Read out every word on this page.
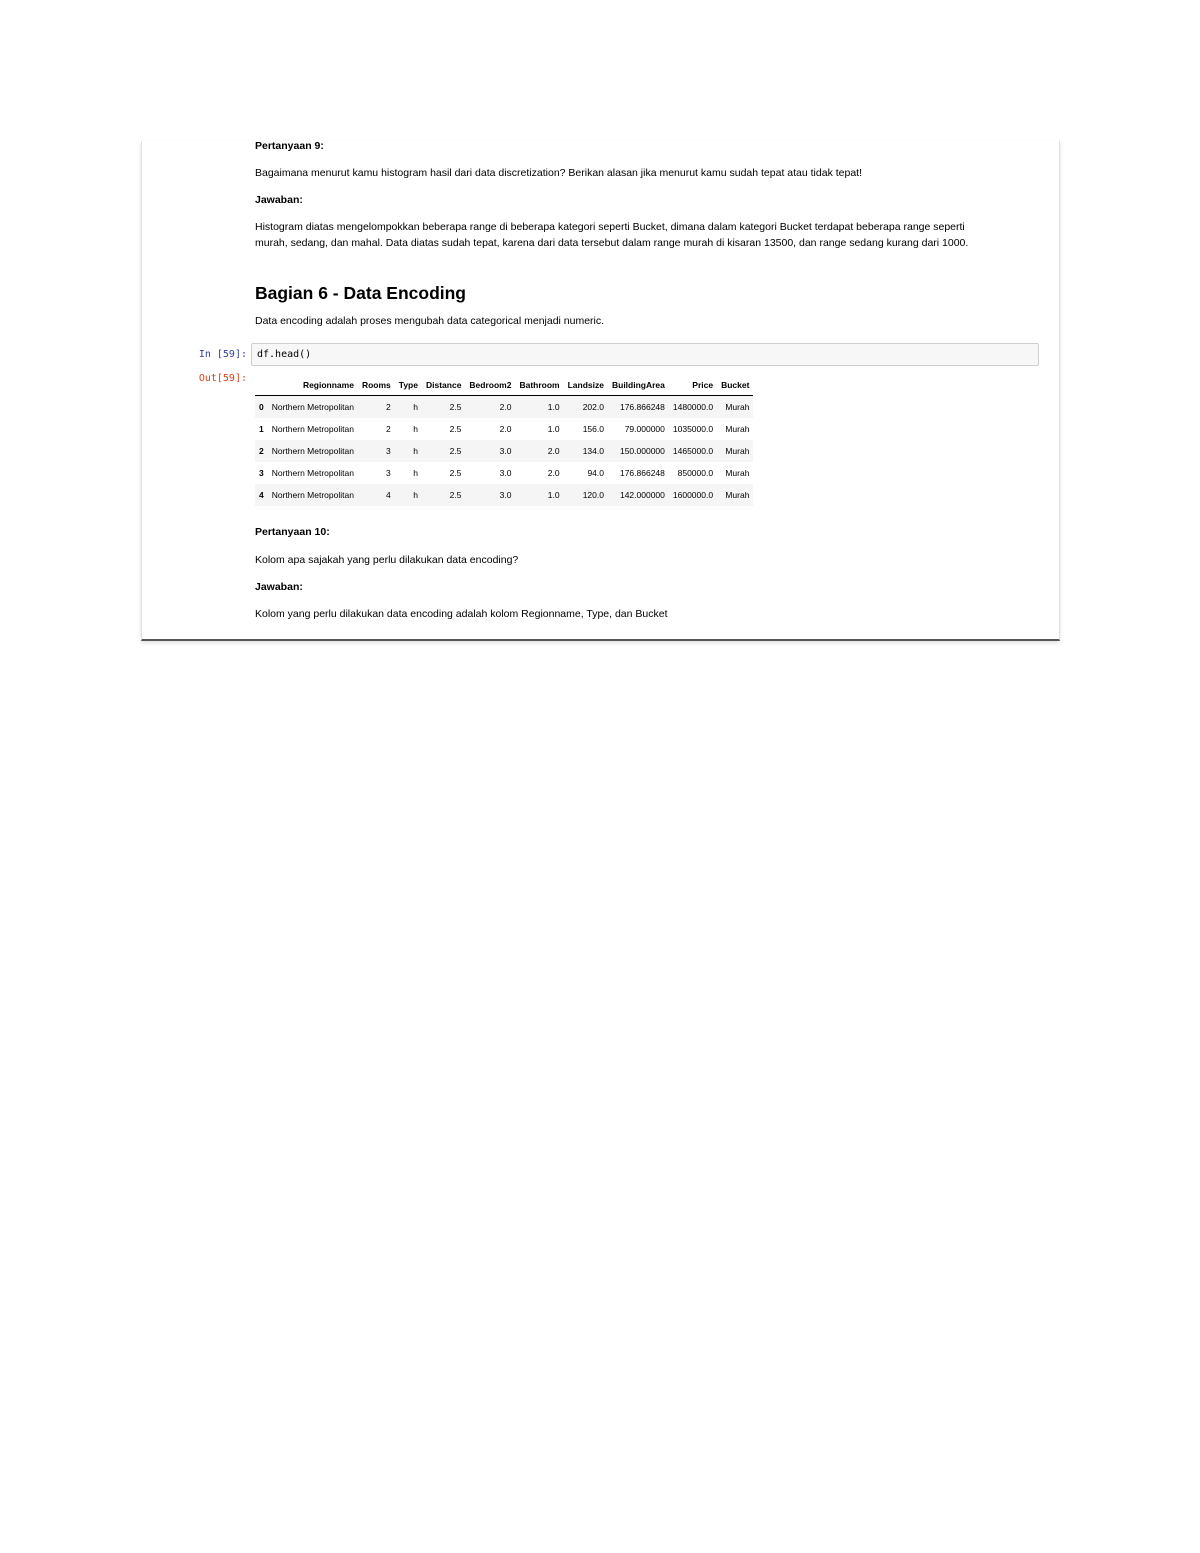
Pertanyaan 9:
Bagaimana menurut kamu histogram hasil dari data discretization? Berikan alasan jika menurut kamu sudah tepat atau tidak tepat!
Jawaban:
Histogram diatas mengelompokkan beberapa range di beberapa kategori seperti Bucket, dimana dalam kategori Bucket terdapat beberapa range seperti
murah, sedang, dan mahal. Data diatas sudah tepat, karena dari data tersebut dalam range murah di kisaran 13500, dan range sedang kurang dari 1000.
Bagian 6 - Data Encoding
Data encoding adalah proses mengubah data categorical menjadi numeric.
In [59]: df.head()
Out[59]:
	Regionname	Rooms	Type	Distance	Bedroom2	Bathroom	Landsize	BuildingArea	Price	Bucket
0	Northern Metropolitan	2	h	2.5	2.0	1.0	202.0	176.866248	1480000.0	Murah
1	Northern Metropolitan	2	h	2.5	2.0	1.0	156.0	79.000000	1035000.0	Murah
2	Northern Metropolitan	3	h	2.5	3.0	2.0	134.0	150.000000	1465000.0	Murah
3	Northern Metropolitan	3	h	2.5	3.0	2.0	94.0	176.866248	850000.0	Murah
4	Northern Metropolitan	4	h	2.5	3.0	1.0	120.0	142.000000	1600000.0	Murah
Pertanyaan 10:
Kolom apa sajakah yang perlu dilakukan data encoding?
Jawaban:
Kolom yang perlu dilakukan data encoding adalah kolom Regionname, Type, dan Bucket
